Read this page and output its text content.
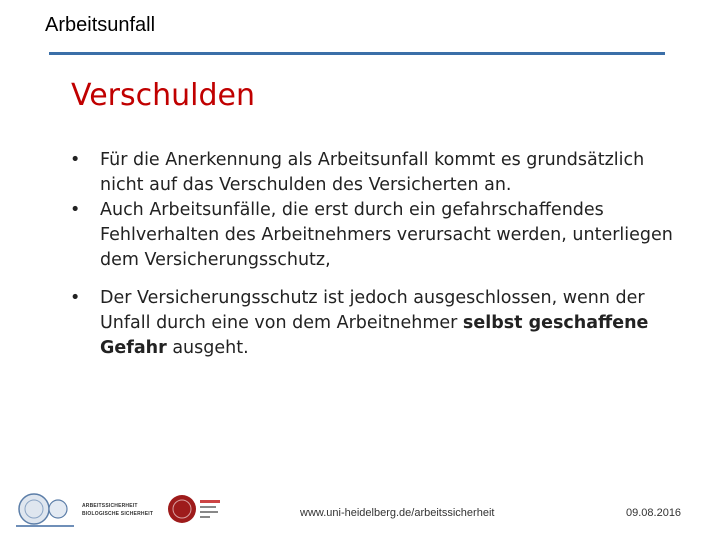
Arbeitsunfall
Verschulden
• Für die Anerkennung als Arbeitsunfall kommt es grundsätzlich nicht auf das Verschulden des Versicherten an.
• Auch Arbeitsunfälle, die erst durch ein gefahrschaffendes Fehlverhalten des Arbeitnehmers verursacht werden, unterliegen dem Versicherungsschutz,
• Der Versicherungsschutz ist jedoch ausgeschlossen, wenn der Unfall durch eine von dem Arbeitnehmer selbst geschaffene Gefahr ausgeht.
ARBEITSSICHERHEIT
BIOLOGISCHE SICHERHEIT	www.uni-heidelberg.de/arbeitssicherheit	09.08.2016
